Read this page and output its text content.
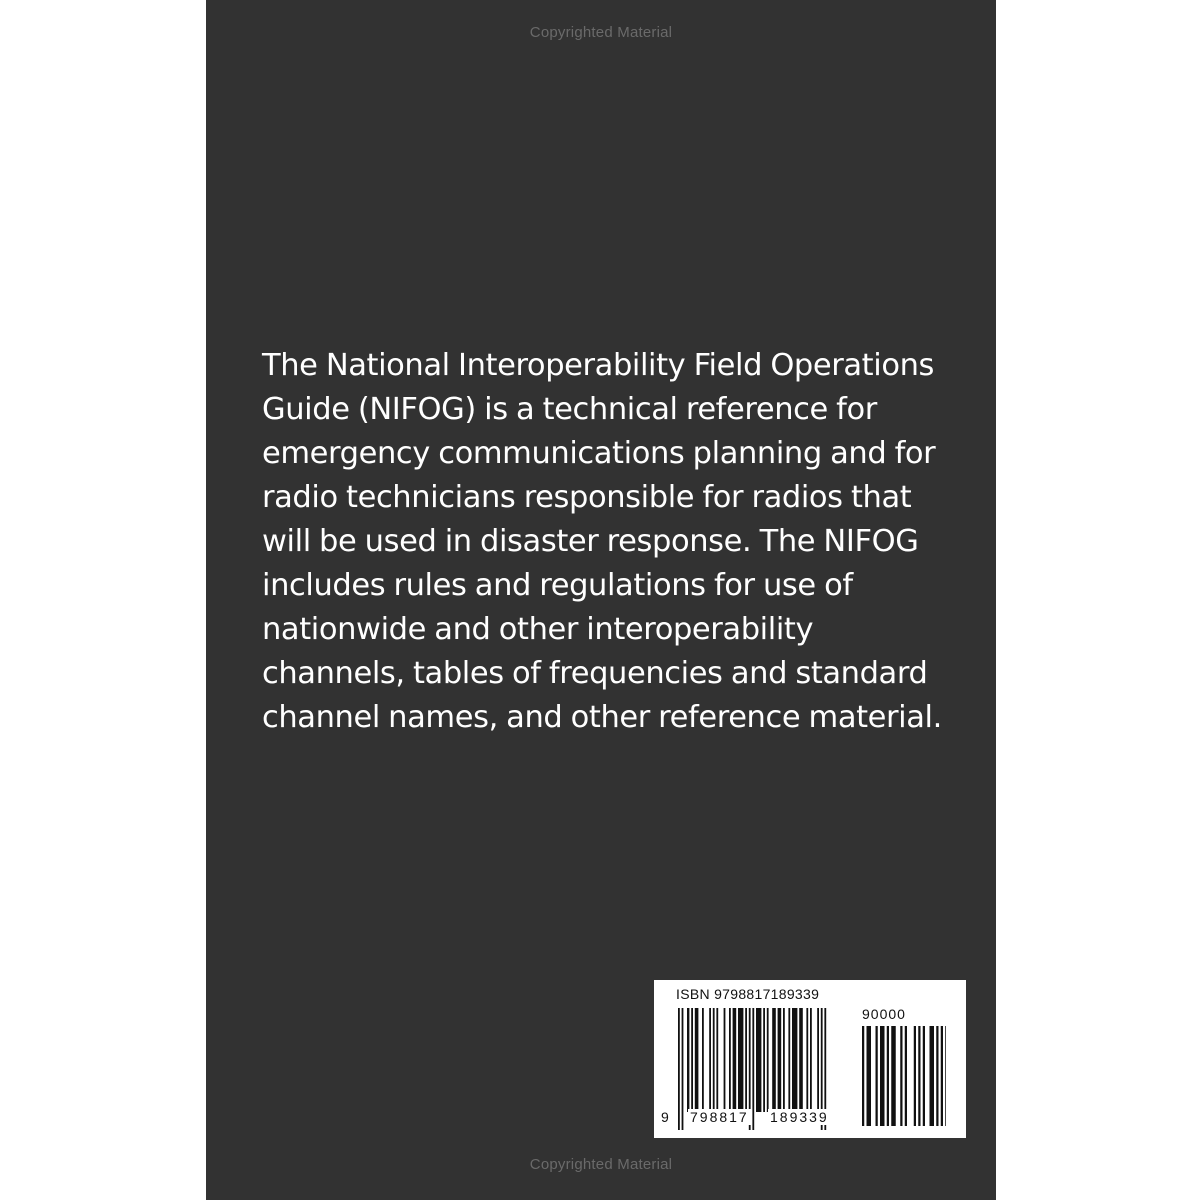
Copyrighted Material

The National Interoperability Field Operations Guide (NIFOG) is a technical reference for emergency communications planning and for radio technicians responsible for radios that will be used in disaster response. The NIFOG includes rules and regulations for use of nationwide and other interoperability channels, tables of frequencies and standard channel names, and other reference material.

ISBN 9798817189339
90000
9 798817 189339
Copyrighted Material
